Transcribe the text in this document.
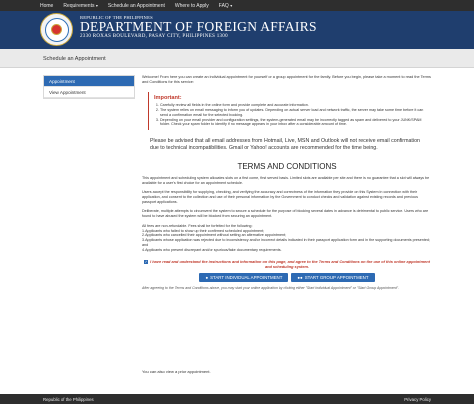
Home Requirements ▾ Schedule an Appointment Where to Apply FAQ ▾
REPUBLIC OF THE PHILIPPINES
DEPARTMENT OF FOREIGN AFFAIRS
2330 ROXAS BOULEVARD, PASAY CITY, PHILIPPINES 1300
Schedule an Appointment
Appointment
View Appointment
Welcome! From here you can create an individual appointment for yourself or a group appointment for the family. Before you begin, please take a moment to read the Terms and Conditions for this service:
Important:
1. Carefully review all fields in the online form and provide complete and accurate information.
2. The system relies on email messaging to inform you of updates. Depending on actual server load and network traffic, the server may take some time before it can send a confirmation email for the selected booking.
3. Depending on your email provider and configuration settings, the system-generated email may be incorrectly tagged as spam and delivered to your JUNK/SPAM folder. Check your spam folder to identify if no message appears in your inbox after a considerable amount of time.
Please be advised that all email addresses from Hotmail, Live, MSN and Outlook will not receive email confirmation due to technical incompatibilities. Gmail or Yahoo! accounts are recommended for the time being.
TERMS AND CONDITIONS
This appointment and scheduling system allocates slots on a first come, first served basis. Limited slots are available per site and there is no guarantee that a slot will always be available for a user's first choice for an appointment schedule.
Users accept the responsibility for supplying, checking, and verifying the accuracy and correctness of the information they provide on this System in connection with their application, and consent to the collection and use of their personal information by the Government to conduct checks and validation against existing records and previous passport applications.
Deliberate, multiple attempts to circumvent the system to secure a schedule for the purpose of blocking several dates in advance is detrimental to public service. Users who are found to have abused the system will be blocked from securing an appointment.
All fees are non-refundable. Fees shall be forfeited for the following:
1.Applicants who failed to show up their confirmed scheduled appointment;
2.Applicants who cancelled their appointment without setting an alternative appointment;
3.Applicants whose application was rejected due to inconsistency and/or incorrect details indicated in their passport application form and in the supporting documents presented; and
4.Applicants who present discrepant and/or spurious/fake documentary requirements.
✓ I have read and understand the instructions and information on this page, and agree to the Terms and Conditions on the use of this online appointment and scheduling system.
● START INDIVIDUAL APPOINTMENT	●● START GROUP APPOINTMENT
After agreeing to the Terms and Conditions above, you may start your online application by clicking either "Start Individual Appointment" or "Start Group Appointment".
You can also view a prior appointment.
Republic of the Philippines	Privacy Policy
